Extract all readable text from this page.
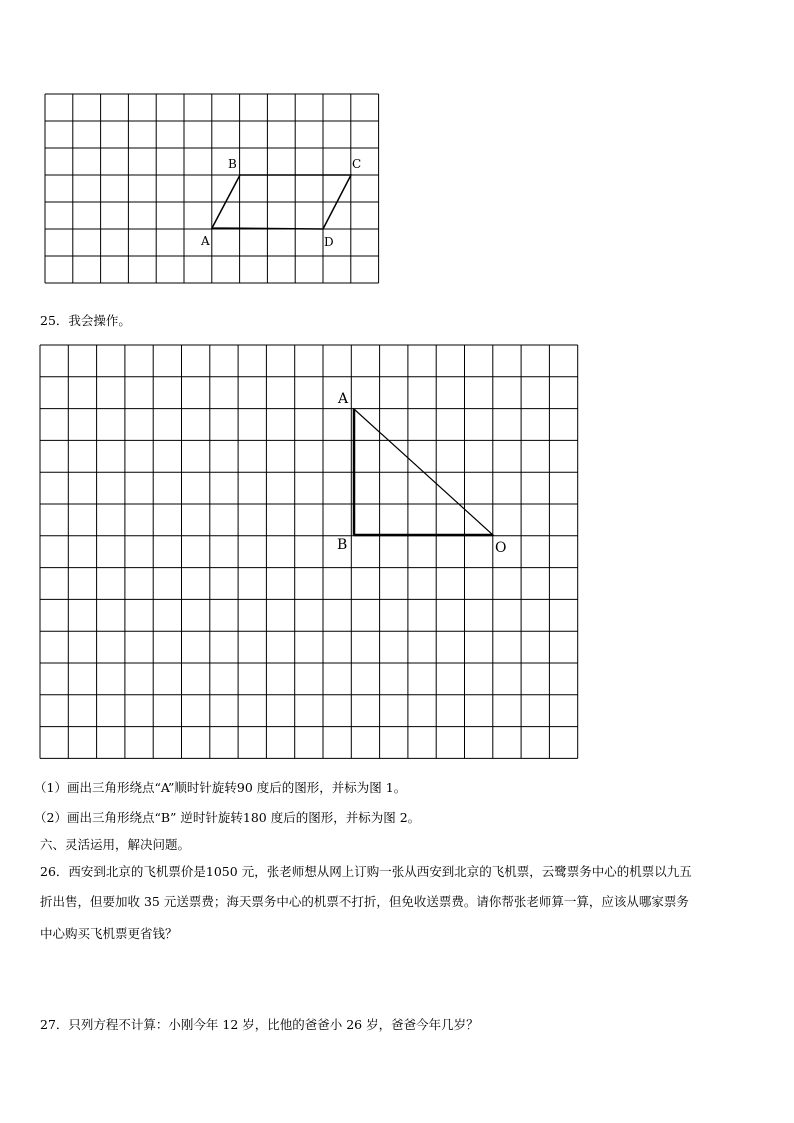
B	C
A	D
25．我会操作。
A
B	O
（1）画出三角形绕点“A”顺时针旋转90 度后的图形，并标为图 1。
（2）画出三角形绕点“B” 逆时针旋转180 度后的图形，并标为图 2。
六、灵活运用，解决问题。
26．西安到北京的飞机票价是1050 元，张老师想从网上订购一张从西安到北京的飞机票，云鹭票务中心的机票以九五
折出售，但要加收 35 元送票费；海天票务中心的机票不打折，但免收送票费。请你帮张老师算一算，应该从哪家票务
中心购买飞机票更省钱？
27．只列方程不计算：小刚今年 12 岁，比他的爸爸小 26 岁，爸爸今年几岁？
